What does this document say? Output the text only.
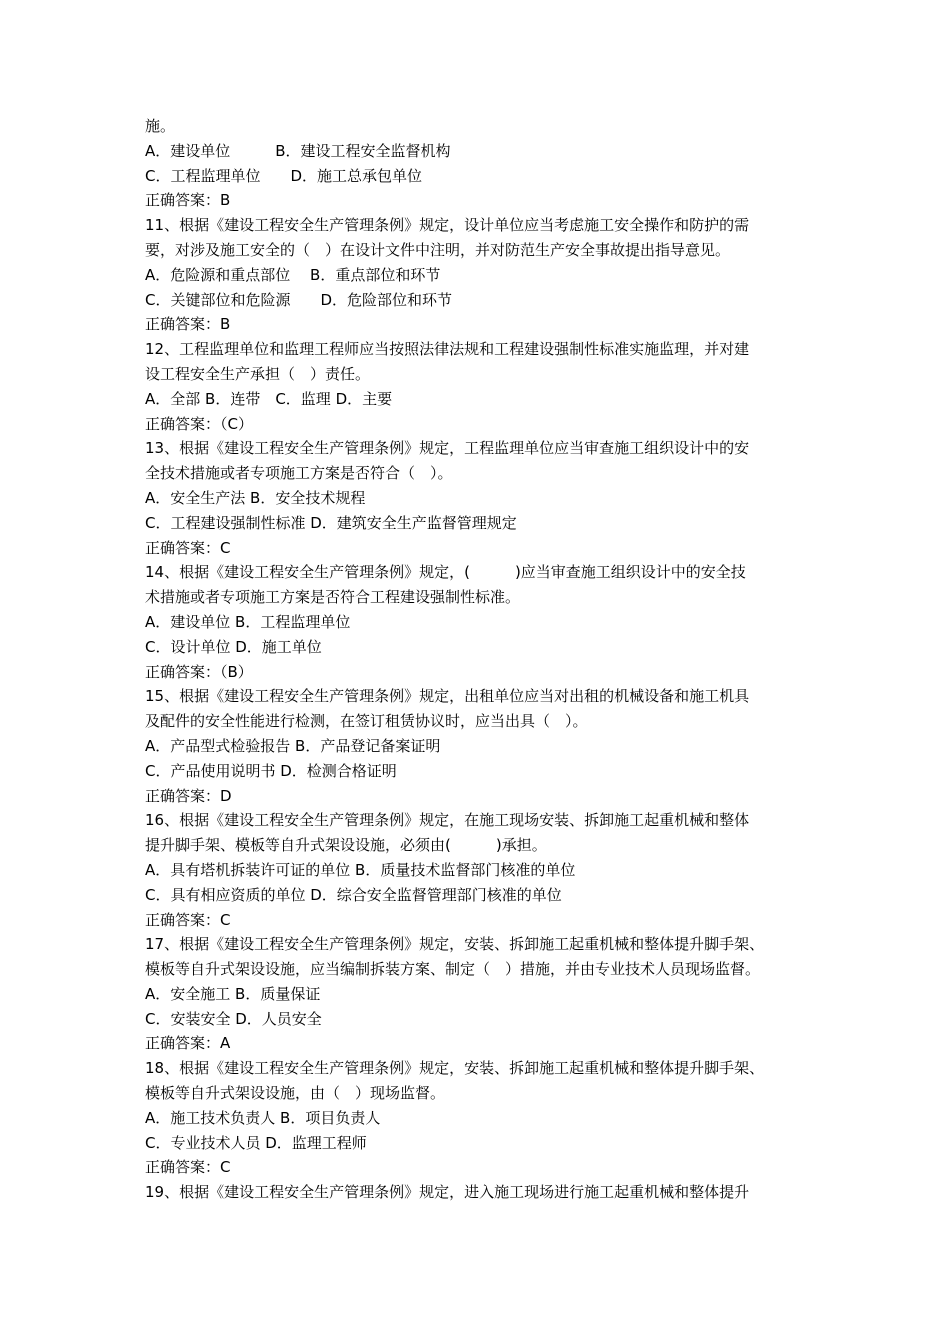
施。
A．建设单位　　　B．建设工程安全监督机构
C．工程监理单位　　D．施工总承包单位
正确答案：B
11、根据《建设工程安全生产管理条例》规定，设计单位应当考虑施工安全操作和防护的需
要，对涉及施工安全的（　）在设计文件中注明，并对防范生产安全事故提出指导意见。
A．危险源和重点部位　 B．重点部位和环节
C．关键部位和危险源　　D．危险部位和环节
正确答案：B
12、工程监理单位和监理工程师应当按照法律法规和工程建设强制性标准实施监理，并对建
设工程安全生产承担（　）责任。
A．全部 B．连带　C．监理 D．主要
正确答案：（C）
13、根据《建设工程安全生产管理条例》规定，工程监理单位应当审查施工组织设计中的安
全技术措施或者专项施工方案是否符合（　）。
A．安全生产法 B．安全技术规程
C．工程建设强制性标准 D．建筑安全生产监督管理规定
正确答案：C
14、根据《建设工程安全生产管理条例》规定，(　　　)应当审查施工组织设计中的安全技
术措施或者专项施工方案是否符合工程建设强制性标准。
A．建设单位 B．工程监理单位
C．设计单位 D．施工单位
正确答案：（B）
15、根据《建设工程安全生产管理条例》规定，出租单位应当对出租的机械设备和施工机具
及配件的安全性能进行检测，在签订租赁协议时，应当出具（　）。
A．产品型式检验报告 B．产品登记备案证明
C．产品使用说明书 D．检测合格证明
正确答案：D
16、根据《建设工程安全生产管理条例》规定，在施工现场安装、拆卸施工起重机械和整体
提升脚手架、模板等自升式架设设施，必须由(　　　)承担。
A．具有塔机拆装许可证的单位 B．质量技术监督部门核准的单位
C．具有相应资质的单位 D．综合安全监督管理部门核准的单位
正确答案：C
17、根据《建设工程安全生产管理条例》规定，安装、拆卸施工起重机械和整体提升脚手架、
模板等自升式架设设施，应当编制拆装方案、制定（　）措施，并由专业技术人员现场监督。
A．安全施工 B．质量保证
C．安装安全 D．人员安全
正确答案：A
18、根据《建设工程安全生产管理条例》规定，安装、拆卸施工起重机械和整体提升脚手架、
模板等自升式架设设施，由（　）现场监督。
A．施工技术负责人 B．项目负责人
C．专业技术人员 D．监理工程师
正确答案：C
19、根据《建设工程安全生产管理条例》规定，进入施工现场进行施工起重机械和整体提升
